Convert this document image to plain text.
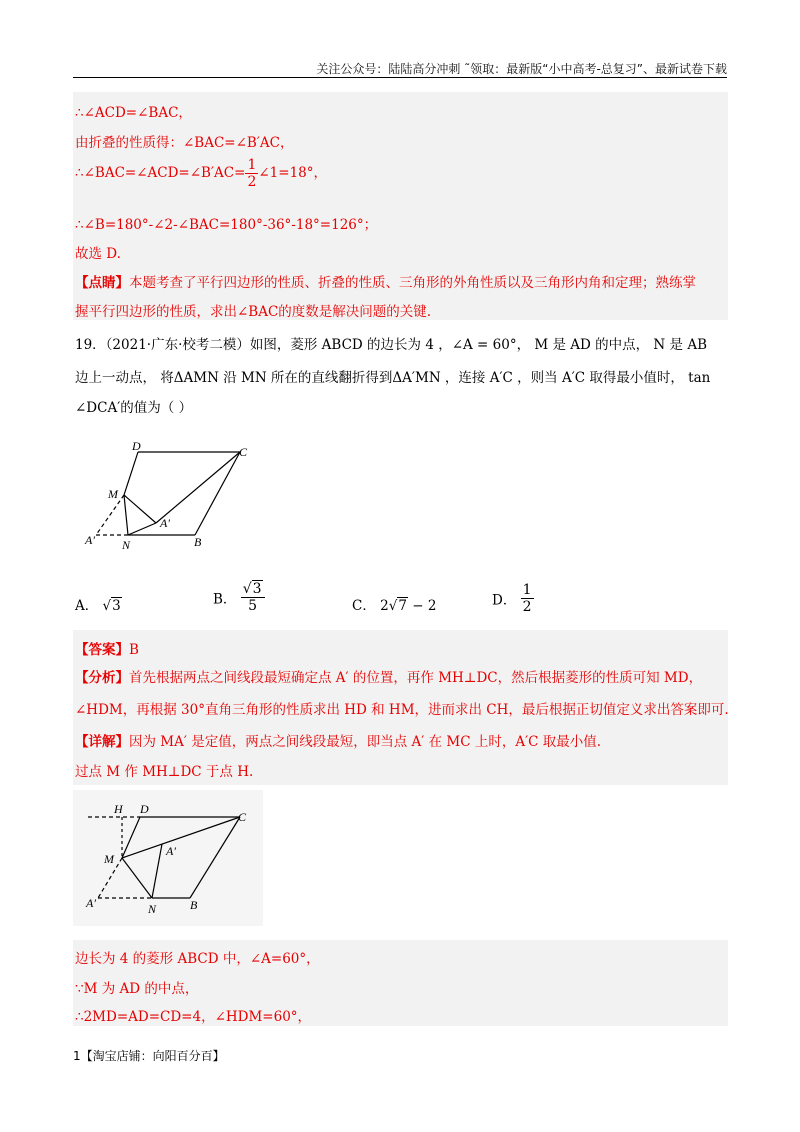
关注公众号：陆陆高分冲刺 ˜领取：最新版“小中高考-总复习”、最新试卷下载
∴∠ACD=∠BAC，
由折叠的性质得：∠BAC=∠B′AC，
∴∠BAC=∠ACD=∠B′AC= $\frac{1}{2}$ ∠1=18°，
∴∠B=180°-∠2-∠BAC=180°-36°-18°=126°；
故选 D.
【点睛】本题考查了平行四边形的性质、折叠的性质、三角形的外角性质以及三角形内角和定理；熟练掌
握平行四边形的性质，求出∠BAC的度数是解决问题的关键.
19．（2021·广东·校考二模）如图，菱形 ABCD 的边长为 4 ，∠A = 60°， M 是 AD 的中点， N 是 AB
边上一动点， 将ΔAMN 沿 MN 所在的直线翻折得到ΔA′MN ，连接 A′C ，则当 A′C 取得最小值时， tan
∠DCA′的值为（ ）
D	C
M
A′
A′ N	B
A． √3	B． $\frac{√3}{5}$	C． 2√7 − 2	D． $\frac{1}{2}$
【答案】B
【分析】首先根据两点之间线段最短确定点 A′ 的位置，再作 MH⊥DC，然后根据菱形的性质可知 MD，
∠HDM，再根据 30°直角三角形的性质求出 HD 和 HM，进而求出 CH，最后根据正切值定义求出答案即可.
【详解】因为 MA′ 是定值，两点之间线段最短，即当点 A′ 在 MC 上时，A′C 取最小值.
过点 M 作 MH⊥DC 于点 H.
H D
C
M
A′
A′	N	B
边长为 4 的菱形 ABCD 中，∠A=60°，
∵M 为 AD 的中点，
∴2MD=AD=CD=4，∠HDM=60°，
1【淘宝店铺：向阳百分百】
